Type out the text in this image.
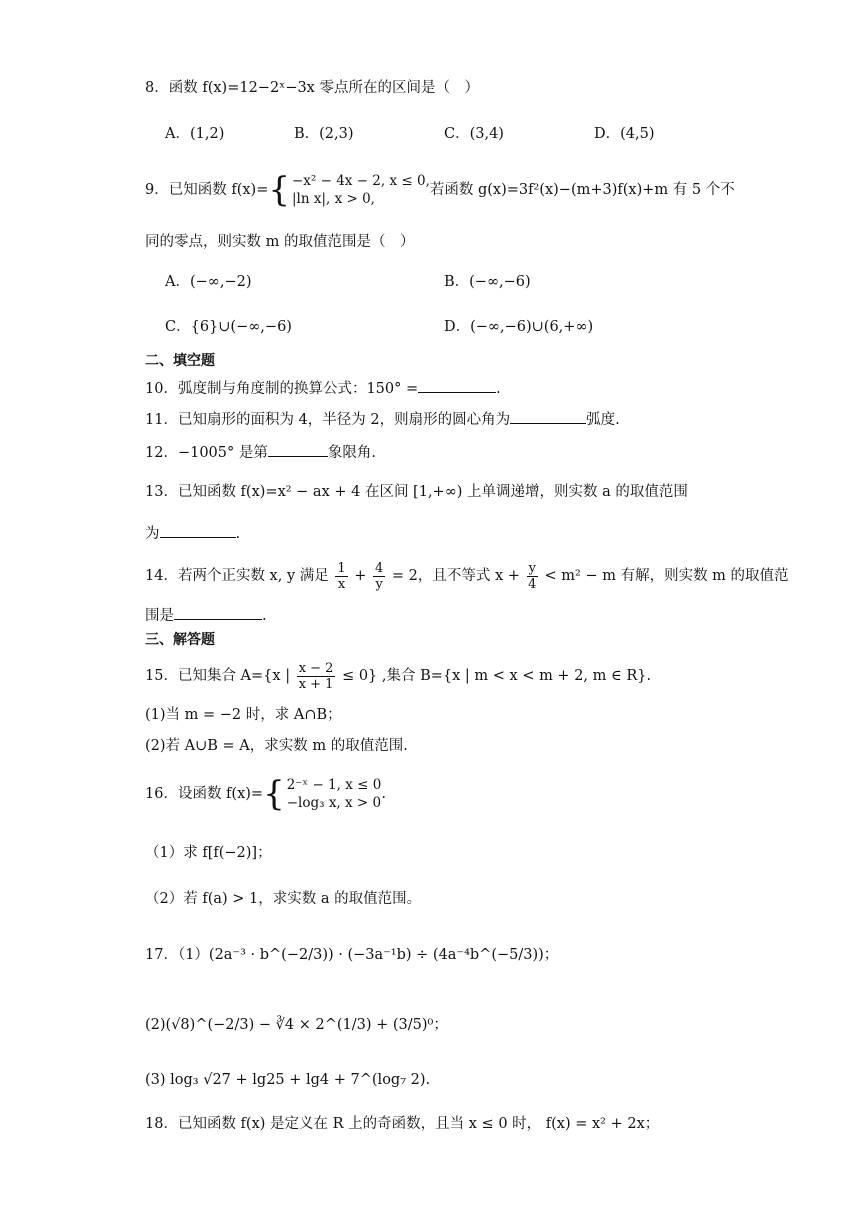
8．函数 f(x)=12−2ˣ−3x 零点所在的区间是（　）
A．(1,2)	B．(2,3)	C．(3,4)	D．(4,5)
9．已知函数 f(x)= { −x² − 4x − 2, x ≤ 0,
|ln x|, x > 0,
若函数 g(x)=3f²(x)−(m+3)f(x)+m 有 5 个不
同的零点，则实数 m 的取值范围是（　）
A．(−∞,−2)	B．(−∞,−6)
C．{6}∪(−∞,−6)	D．(−∞,−6)∪(6,+∞)
二、填空题
10．弧度制与角度制的换算公式：150° =	.
11．已知扇形的面积为 4，半径为 2，则扇形的圆心角为	弧度.
12．−1005° 是第	象限角.
13．已知函数 f(x)=x² − ax + 4 在区间 [1,+∞) 上单调递增，则实数 a 的取值范围
为	.
14．若两个正实数 x, y 满足 $\frac{1}{x} + \frac{4}{y} = 2$，且不等式 $x + \frac{y}{4} < m^2 - m$ 有解，则实数 m 的取值范
围是	.
三、解答题
15．已知集合 A={x | $\frac{x - 2}{x + 1} \le 0$} ,集合 B={x | m < x < m + 2, m ∈ R}.
(1)当 m = −2 时，求 A∩B；
(2)若 A∪B = A，求实数 m 的取值范围.
16．设函数 f(x)= { 2⁻ˣ − 1, x ≤ 0
−log₃ x, x > 0
.
（1）求 f[f(−2)]；
（2）若 f(a) > 1，求实数 a 的取值范围。
17．（1）(2a⁻³ · b^(−2/3)) · (−3a⁻¹b) ÷ (4a⁻⁴b^(−5/3))；
(2)(√8)^(−2/3) − ∛4 × 2^(1/3) + (3/5)⁰；
(3) log₃ √27 + lg25 + lg4 + 7^(log₇ 2).
18．已知函数 f(x) 是定义在 R 上的奇函数，且当 x ≤ 0 时， f(x) = x² + 2x；
